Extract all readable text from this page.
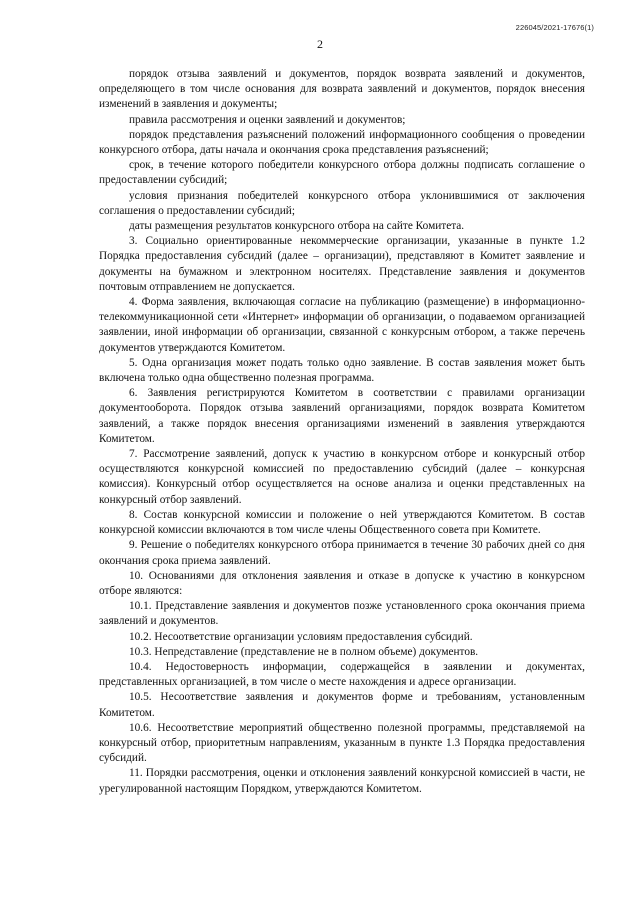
226045/2021-17676(1)
2

порядок отзыва заявлений и документов, порядок возврата заявлений и документов, определяющего в том числе основания для возврата заявлений и документов, порядок внесения изменений в заявления и документы;

правила рассмотрения и оценки заявлений и документов;

порядок представления разъяснений положений информационного сообщения о проведении конкурсного отбора, даты начала и окончания срока представления разъяснений;

срок, в течение которого победители конкурсного отбора должны подписать соглашение о предоставлении субсидий;

условия признания победителей конкурсного отбора уклонившимися от заключения соглашения о предоставлении субсидий;

даты размещения результатов конкурсного отбора на сайте Комитета.

3. Социально ориентированные некоммерческие организации, указанные в пункте 1.2 Порядка предоставления субсидий (далее – организации), представляют в Комитет заявление и документы на бумажном и электронном носителях. Представление заявления и документов почтовым отправлением не допускается.

4. Форма заявления, включающая согласие на публикацию (размещение) в информационно-телекоммуникационной сети «Интернет» информации об организации, о подаваемом организацией заявлении, иной информации об организации, связанной с конкурсным отбором, а также перечень документов утверждаются Комитетом.

5. Одна организация может подать только одно заявление. В состав заявления может быть включена только одна общественно полезная программа.

6. Заявления регистрируются Комитетом в соответствии с правилами организации документооборота. Порядок отзыва заявлений организациями, порядок возврата Комитетом заявлений, а также порядок внесения организациями изменений в заявления утверждаются Комитетом.

7. Рассмотрение заявлений, допуск к участию в конкурсном отборе и конкурсный отбор осуществляются конкурсной комиссией по предоставлению субсидий (далее – конкурсная комиссия). Конкурсный отбор осуществляется на основе анализа и оценки представленных на конкурсный отбор заявлений.

8. Состав конкурсной комиссии и положение о ней утверждаются Комитетом. В состав конкурсной комиссии включаются в том числе члены Общественного совета при Комитете.

9. Решение о победителях конкурсного отбора принимается в течение 30 рабочих дней со дня окончания срока приема заявлений.

10. Основаниями для отклонения заявления и отказе в допуске к участию в конкурсном отборе являются:

10.1. Представление заявления и документов позже установленного срока окончания приема заявлений и документов.

10.2. Несоответствие организации условиям предоставления субсидий.

10.3. Непредставление (представление не в полном объеме) документов.

10.4. Недостоверность информации, содержащейся в заявлении и документах, представленных организацией, в том числе о месте нахождения и адресе организации.

10.5. Несоответствие заявления и документов форме и требованиям, установленным Комитетом.

10.6. Несоответствие мероприятий общественно полезной программы, представляемой на конкурсный отбор, приоритетным направлениям, указанным в пункте 1.3 Порядка предоставления субсидий.

11. Порядки рассмотрения, оценки и отклонения заявлений конкурсной комиссией в части, не урегулированной настоящим Порядком, утверждаются Комитетом.
